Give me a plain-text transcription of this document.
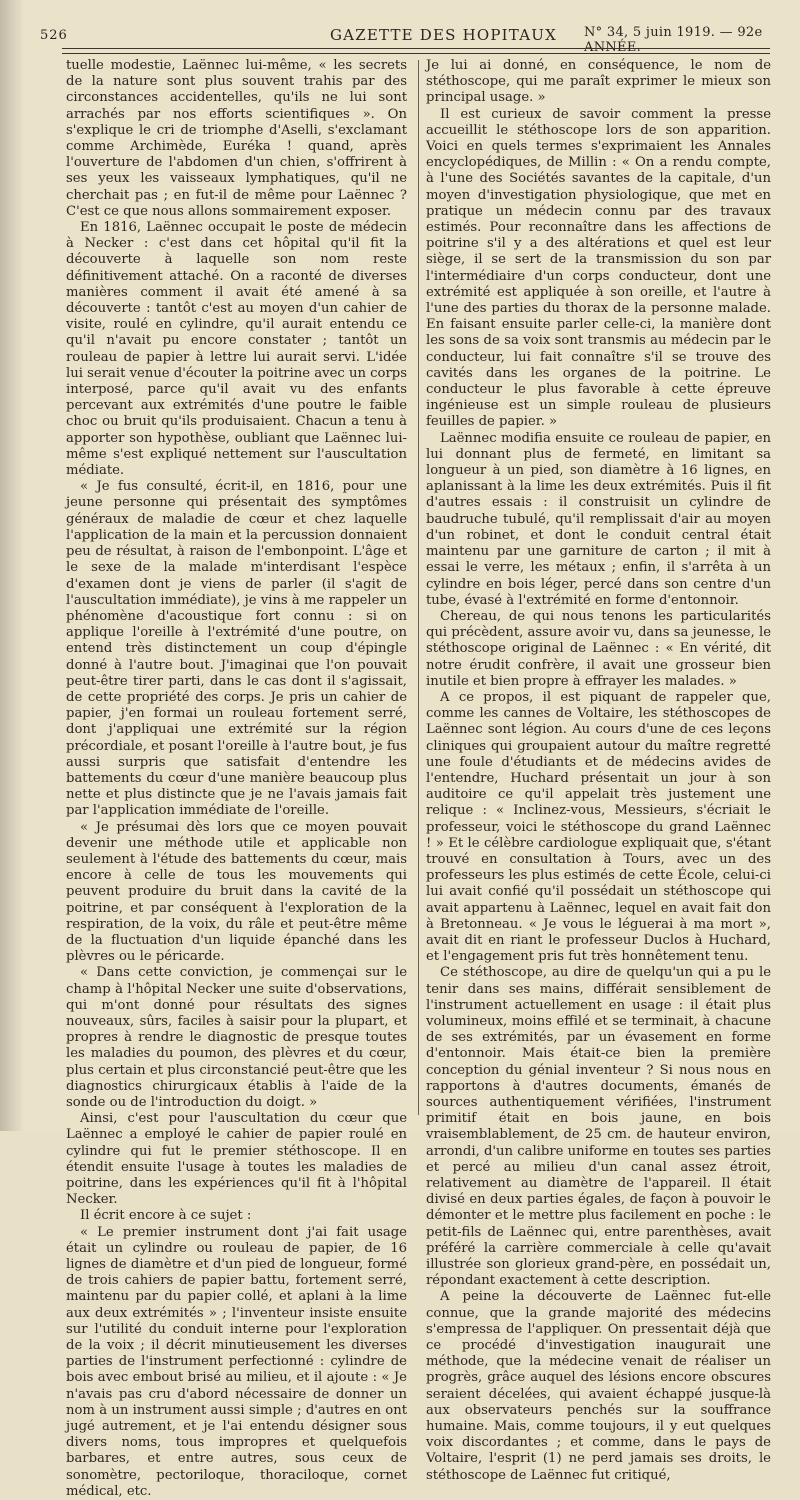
526	GAZETTE DES HOPITAUX N° 34, 5 juin 1919. — 92e ANNÉE.

tuelle modestie, Laënnec lui-même, « les secrets de la nature sont plus souvent trahis par des circonstances accidentelles, qu'ils ne lui sont arrachés par nos efforts scientifiques ». On s'explique le cri de triomphe d'Aselli, s'exclamant comme Archimède, Euréka ! quand, après l'ouverture de l'abdomen d'un chien, s'offrirent à ses yeux les vaisseaux lymphatiques, qu'il ne cherchait pas ; en fut-il de même pour Laënnec ? C'est ce que nous allons sommairement exposer.

En 1816, Laënnec occupait le poste de médecin à Necker : c'est dans cet hôpital qu'il fit la découverte à laquelle son nom reste définitivement attaché. On a raconté de diverses manières comment il avait été amené à sa découverte : tantôt c'est au moyen d'un cahier de visite, roulé en cylindre, qu'il aurait entendu ce qu'il n'avait pu encore constater ; tantôt un rouleau de papier à lettre lui aurait servi. L'idée lui serait venue d'écouter la poitrine avec un corps interposé, parce qu'il avait vu des enfants percevant aux extrémités d'une poutre le faible choc ou bruit qu'ils produisaient. Chacun a tenu à apporter son hypothèse, oubliant que Laënnec lui-même s'est expliqué nettement sur l'auscultation médiate.

« Je fus consulté, écrit-il, en 1816, pour une jeune personne qui présentait des symptômes généraux de maladie de cœur et chez laquelle l'application de la main et la percussion donnaient peu de résultat, à raison de l'embonpoint. L'âge et le sexe de la malade m'interdisant l'espèce d'examen dont je viens de parler (il s'agit de l'auscultation immédiate), je vins à me rappeler un phénomène d'acoustique fort connu : si on applique l'oreille à l'extrémité d'une poutre, on entend très distinctement un coup d'épingle donné à l'autre bout. J'imaginai que l'on pouvait peut-être tirer parti, dans le cas dont il s'agissait, de cette propriété des corps. Je pris un cahier de papier, j'en formai un rouleau fortement serré, dont j'appliquai une extrémité sur la région précordiale, et posant l'oreille à l'autre bout, je fus aussi surpris que satisfait d'entendre les battements du cœur d'une manière beaucoup plus nette et plus distincte que je ne l'avais jamais fait par l'application immédiate de l'oreille.

« Je présumai dès lors que ce moyen pouvait devenir une méthode utile et applicable non seulement à l'étude des battements du cœur, mais encore à celle de tous les mouvements qui peuvent produire du bruit dans la cavité de la poitrine, et par conséquent à l'exploration de la respiration, de la voix, du râle et peut-être même de la fluctuation d'un liquide épanché dans les plèvres ou le péricarde.

« Dans cette conviction, je commençai sur le champ à l'hôpital Necker une suite d'observations, qui m'ont donné pour résultats des signes nouveaux, sûrs, faciles à saisir pour la plupart, et propres à rendre le diagnostic de presque toutes les maladies du poumon, des plèvres et du cœur, plus certain et plus circonstancié peut-être que les diagnostics chirurgicaux établis à l'aide de la sonde ou de l'introduction du doigt. »

Ainsi, c'est pour l'auscultation du cœur que Laënnec a employé le cahier de papier roulé en cylindre qui fut le premier stéthoscope. Il en étendit ensuite l'usage à toutes les maladies de poitrine, dans les expériences qu'il fit à l'hôpital Necker.

Il écrit encore à ce sujet :

« Le premier instrument dont j'ai fait usage était un cylindre ou rouleau de papier, de 16 lignes de diamètre et d'un pied de longueur, formé de trois cahiers de papier battu, fortement serré, maintenu par du papier collé, et aplani à la lime aux deux extrémités » ; l'inventeur insiste ensuite sur l'utilité du conduit interne pour l'exploration de la voix ; il décrit minutieusement les diverses parties de l'instrument perfectionné : cylindre de bois avec embout brisé au milieu, et il ajoute : « Je n'avais pas cru d'abord nécessaire de donner un nom à un instrument aussi simple ; d'autres en ont jugé autrement, et je l'ai entendu désigner sous divers noms, tous impropres et quelquefois barbares, et entre autres, sous ceux de sonomètre, pectoriloque, thoraciloque, cornet médical, etc.

Je lui ai donné, en conséquence, le nom de stéthoscope, qui me paraît exprimer le mieux son principal usage. »

Il est curieux de savoir comment la presse accueillit le stéthoscope lors de son apparition. Voici en quels termes s'exprimaient les Annales encyclopédiques, de Millin : « On a rendu compte, à l'une des Sociétés savantes de la capitale, d'un moyen d'investigation physiologique, que met en pratique un médecin connu par des travaux estimés. Pour reconnaître dans les affections de poitrine s'il y a des altérations et quel est leur siège, il se sert de la transmission du son par l'intermédiaire d'un corps conducteur, dont une extrémité est appliquée à son oreille, et l'autre à l'une des parties du thorax de la personne malade. En faisant ensuite parler celle-ci, la manière dont les sons de sa voix sont transmis au médecin par le conducteur, lui fait connaître s'il se trouve des cavités dans les organes de la poitrine. Le conducteur le plus favorable à cette épreuve ingénieuse est un simple rouleau de plusieurs feuilles de papier. »

Laënnec modifia ensuite ce rouleau de papier, en lui donnant plus de fermeté, en limitant sa longueur à un pied, son diamètre à 16 lignes, en aplanissant à la lime les deux extrémités. Puis il fit d'autres essais : il construisit un cylindre de baudruche tubulé, qu'il remplissait d'air au moyen d'un robinet, et dont le conduit central était maintenu par une garniture de carton ; il mit à essai le verre, les métaux ; enfin, il s'arrêta à un cylindre en bois léger, percé dans son centre d'un tube, évasé à l'extrémité en forme d'entonnoir.

Chereau, de qui nous tenons les particularités qui précèdent, assure avoir vu, dans sa jeunesse, le stéthoscope original de Laënnec : « En vérité, dit notre érudit confrère, il avait une grosseur bien inutile et bien propre à effrayer les malades. »

A ce propos, il est piquant de rappeler que, comme les cannes de Voltaire, les stéthoscopes de Laënnec sont légion. Au cours d'une de ces leçons cliniques qui groupaient autour du maître regretté une foule d'étudiants et de médecins avides de l'entendre, Huchard présentait un jour à son auditoire ce qu'il appelait très justement une relique : « Inclinez-vous, Messieurs, s'écriait le professeur, voici le stéthoscope du grand Laënnec ! » Et le célèbre cardiologue expliquait que, s'étant trouvé en consultation à Tours, avec un des professeurs les plus estimés de cette École, celui-ci lui avait confié qu'il possédait un stéthoscope qui avait appartenu à Laënnec, lequel en avait fait don à Bretonneau. « Je vous le léguerai à ma mort », avait dit en riant le professeur Duclos à Huchard, et l'engagement pris fut très honnêtement tenu.

Ce stéthoscope, au dire de quelqu'un qui a pu le tenir dans ses mains, différait sensiblement de l'instrument actuellement en usage : il était plus volumineux, moins effilé et se terminait, à chacune de ses extrémités, par un évasement en forme d'entonnoir. Mais était-ce bien la première conception du génial inventeur ? Si nous nous en rapportons à d'autres documents, émanés de sources authentiquement vérifiées, l'instrument primitif était en bois jaune, en bois vraisemblablement, de 25 cm. de hauteur environ, arrondi, d'un calibre uniforme en toutes ses parties et percé au milieu d'un canal assez étroit, relativement au diamètre de l'appareil. Il était divisé en deux parties égales, de façon à pouvoir le démonter et le mettre plus facilement en poche : le petit-fils de Laënnec qui, entre parenthèses, avait préféré la carrière commerciale à celle qu'avait illustrée son glorieux grand-père, en possédait un, répondant exactement à cette description.

A peine la découverte de Laënnec fut-elle connue, que la grande majorité des médecins s'empressa de l'appliquer. On pressentait déjà que ce procédé d'investigation inaugurait une méthode, que la médecine venait de réaliser un progrès, grâce auquel des lésions encore obscures seraient décelées, qui avaient échappé jusque-là aux observateurs penchés sur la souffrance humaine. Mais, comme toujours, il y eut quelques voix discordantes ; et comme, dans le pays de Voltaire, l'esprit (1) ne perd jamais ses droits, le stéthoscope de Laënnec fut critiqué,
